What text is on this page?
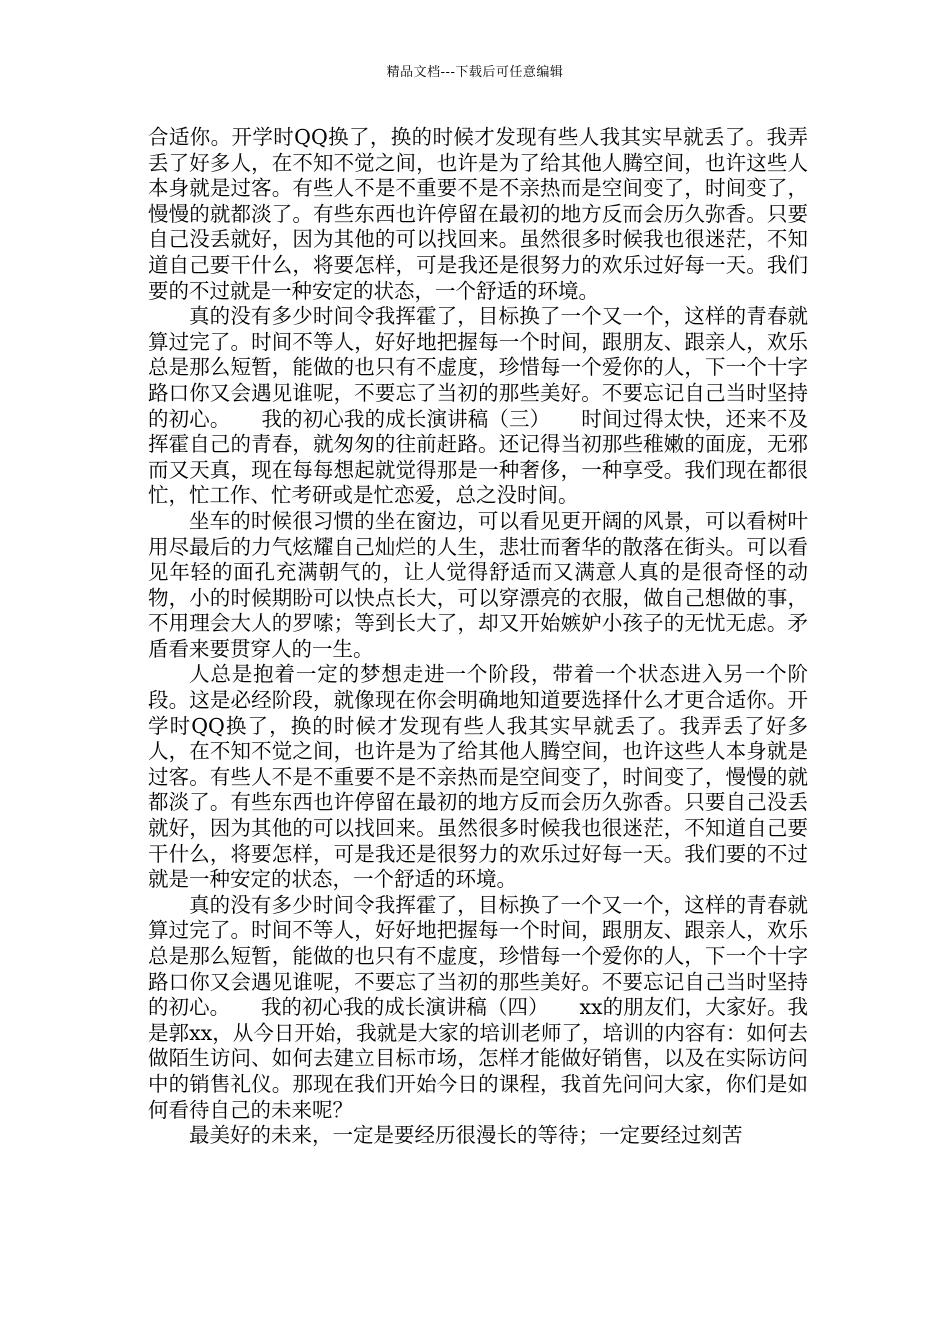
精品文档---下载后可任意编辑

合适你。开学时QQ换了，换的时候才发现有些人我其实早就丢了。我弄丢了好多人，在不知不觉之间，也许是为了给其他人腾空间，也许这些人本身就是过客。有些人不是不重要不是不亲热而是空间变了，时间变了，慢慢的就都淡了。有些东西也许停留在最初的地方反而会历久弥香。只要自己没丢就好，因为其他的可以找回来。虽然很多时候我也很迷茫，不知道自己要干什么，将要怎样，可是我还是很努力的欢乐过好每一天。我们要的不过就是一种安定的状态，一个舒适的环境。

真的没有多少时间令我挥霍了，目标换了一个又一个，这样的青春就算过完了。时间不等人，好好地把握每一个时间，跟朋友、跟亲人，欢乐总是那么短暂，能做的也只有不虚度，珍惜每一个爱你的人，下一个十字路口你又会遇见谁呢，不要忘了当初的那些美好。不要忘记自己当时坚持的初心。　　我的初心我的成长演讲稿（三）　　时间过得太快，还来不及挥霍自己的青春，就匆匆的往前赶路。还记得当初那些稚嫩的面庞，无邪而又天真，现在每每想起就觉得那是一种奢侈，一种享受。我们现在都很忙，忙工作、忙考研或是忙恋爱，总之没时间。

坐车的时候很习惯的坐在窗边，可以看见更开阔的风景，可以看树叶用尽最后的力气炫耀自己灿烂的人生，悲壮而奢华的散落在街头。可以看见年轻的面孔充满朝气的，让人觉得舒适而又满意人真的是很奇怪的动物，小的时候期盼可以快点长大，可以穿漂亮的衣服，做自己想做的事，不用理会大人的罗嗦；等到长大了，却又开始嫉妒小孩子的无忧无虑。矛盾看来要贯穿人的一生。

人总是抱着一定的梦想走进一个阶段，带着一个状态进入另一个阶段。这是必经阶段，就像现在你会明确地知道要选择什么才更合适你。开学时QQ换了，换的时候才发现有些人我其实早就丢了。我弄丢了好多人，在不知不觉之间，也许是为了给其他人腾空间，也许这些人本身就是过客。有些人不是不重要不是不亲热而是空间变了，时间变了，慢慢的就都淡了。有些东西也许停留在最初的地方反而会历久弥香。只要自己没丢就好，因为其他的可以找回来。虽然很多时候我也很迷茫，不知道自己要干什么，将要怎样，可是我还是很努力的欢乐过好每一天。我们要的不过就是一种安定的状态，一个舒适的环境。

真的没有多少时间令我挥霍了，目标换了一个又一个，这样的青春就算过完了。时间不等人，好好地把握每一个时间，跟朋友、跟亲人，欢乐总是那么短暂，能做的也只有不虚度，珍惜每一个爱你的人，下一个十字路口你又会遇见谁呢，不要忘了当初的那些美好。不要忘记自己当时坚持的初心。　　我的初心我的成长演讲稿（四）　　xx的朋友们，大家好。我是郭xx，从今日开始，我就是大家的培训老师了，培训的内容有：如何去做陌生访问、如何去建立目标市场，怎样才能做好销售，以及在实际访问中的销售礼仪。那现在我们开始今日的课程，我首先问问大家，你们是如何看待自己的未来呢？

最美好的未来，一定是要经历很漫长的等待；一定要经过刻苦
